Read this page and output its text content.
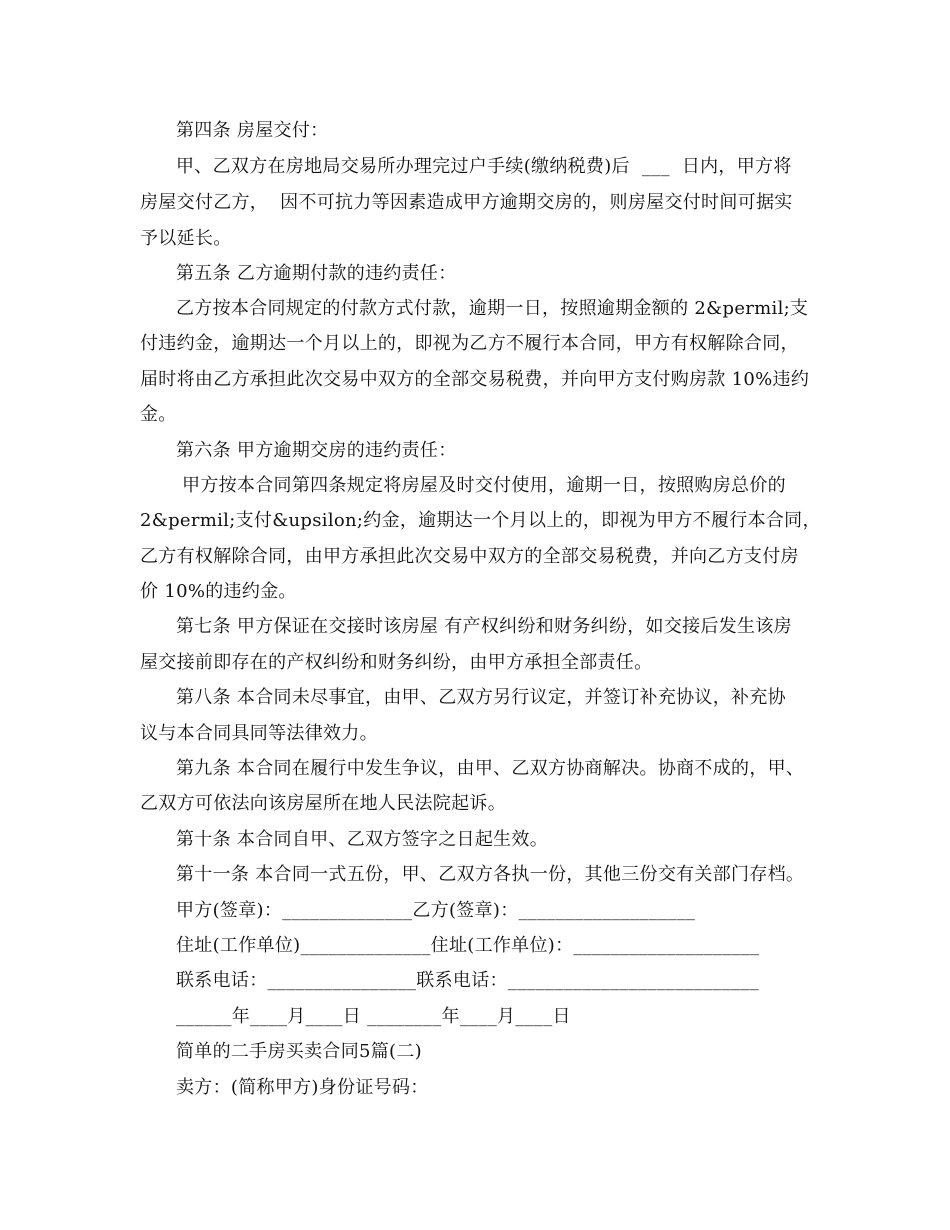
第四条 房屋交付：
甲、乙双方在房地局交易所办理完过户手续(缴纳税费)后  ___  日内，甲方将
房屋交付乙方，  因不可抗力等因素造成甲方逾期交房的，则房屋交付时间可据实
予以延长。
第五条 乙方逾期付款的违约责任：
乙方按本合同规定的付款方式付款，逾期一日，按照逾期金额的 2&permil;支
付违约金，逾期达一个月以上的，即视为乙方不履行本合同，甲方有权解除合同，
届时将由乙方承担此次交易中双方的全部交易税费，并向甲方支付购房款 10%违约
金。
第六条 甲方逾期交房的违约责任：
甲方按本合同第四条规定将房屋及时交付使用，逾期一日，按照购房总价的
2&permil;支付&upsilon;约金，逾期达一个月以上的，即视为甲方不履行本合同，
乙方有权解除合同，由甲方承担此次交易中双方的全部交易税费，并向乙方支付房
价 10%的违约金。
第七条 甲方保证在交接时该房屋 有产权纠纷和财务纠纷，如交接后发生该房
屋交接前即存在的产权纠纷和财务纠纷，由甲方承担全部责任。
第八条 本合同未尽事宜，由甲、乙双方另行议定，并签订补充协议，补充协
议与本合同具同等法律效力。
第九条 本合同在履行中发生争议，由甲、乙双方协商解决。协商不成的，甲、
乙双方可依法向该房屋所在地人民法院起诉。
第十条 本合同自甲、乙双方签字之日起生效。
第十一条 本合同一式五份，甲、乙双方各执一份，其他三份交有关部门存档。
甲方(签章)：______________乙方(签章)：___________________
住址(工作单位)______________住址(工作单位)：____________________
联系电话：________________联系电话：___________________________
______年____月____日 ________年____月____日
简单的二手房买卖合同5篇(二)
卖方：(简称甲方)身份证号码：
